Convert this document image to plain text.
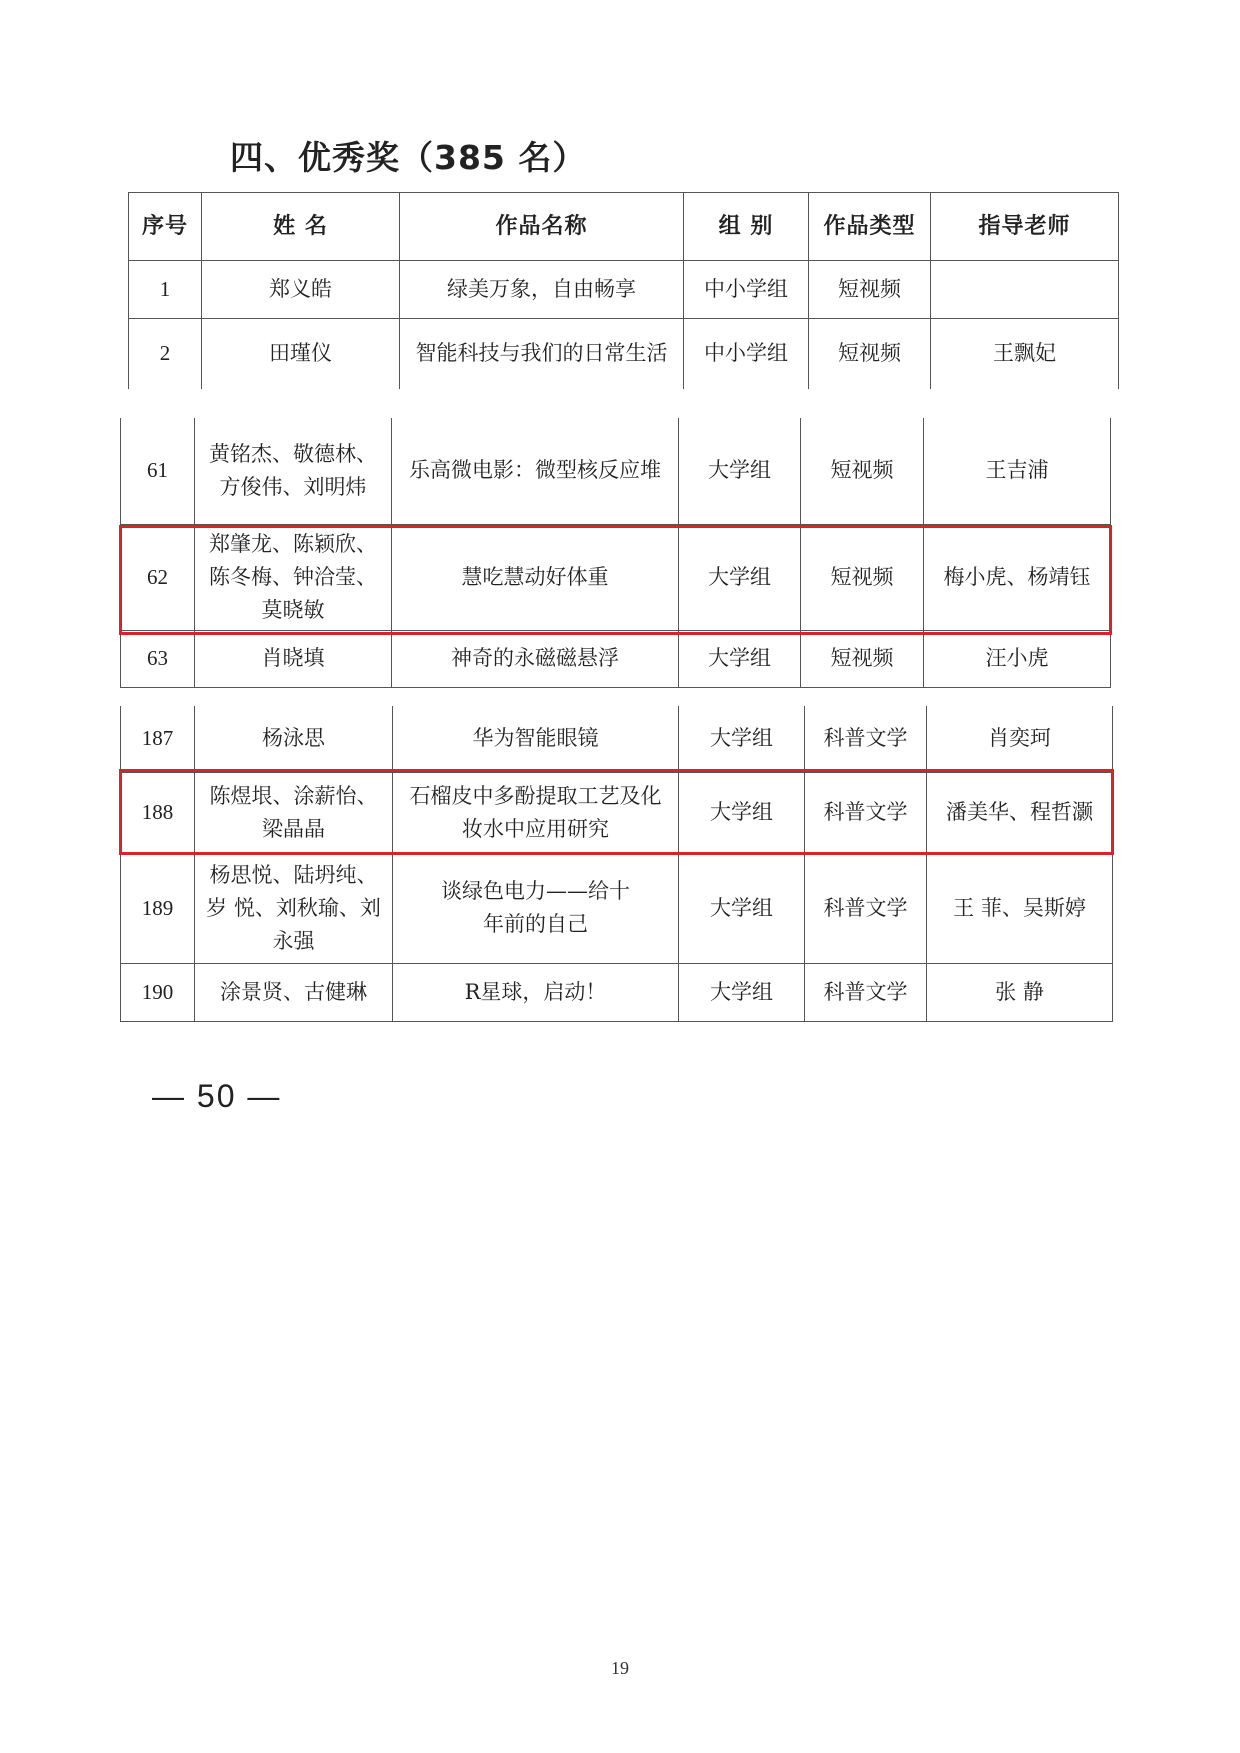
四、优秀奖（385 名）
序号	姓 名	作品名称	组 别	作品类型	指导老师
1	郑义皓	绿美万象，自由畅享	中小学组	短视频	
2	田瑾仪	智能科技与我们的日常生活	中小学组	短视频	王飘妃
61	黄铭杰、敬德林、方俊伟、刘明炜	乐高微电影：微型核反应堆	大学组	短视频	王吉浦
62	郑肇龙、陈颖欣、陈冬梅、钟洽莹、莫晓敏	慧吃慧动好体重	大学组	短视频	梅小虎、杨靖钰
63	肖晓填	神奇的永磁磁悬浮	大学组	短视频	汪小虎
187	杨泳思	华为智能眼镜	大学组	科普文学	肖奕珂
188	陈煜垠、涂薪怡、梁晶晶	石榴皮中多酚提取工艺及化妆水中应用研究	大学组	科普文学	潘美华、程哲灏
189	杨思悦、陆坍纯、岁 悦、刘秋瑜、刘永强	谈绿色电力——给十年前的自己	大学组	科普文学	王 菲、吴斯婷
190	涂景贤、古健琳	R星球，启动！	大学组	科普文学	张 静
— 50 —
19
